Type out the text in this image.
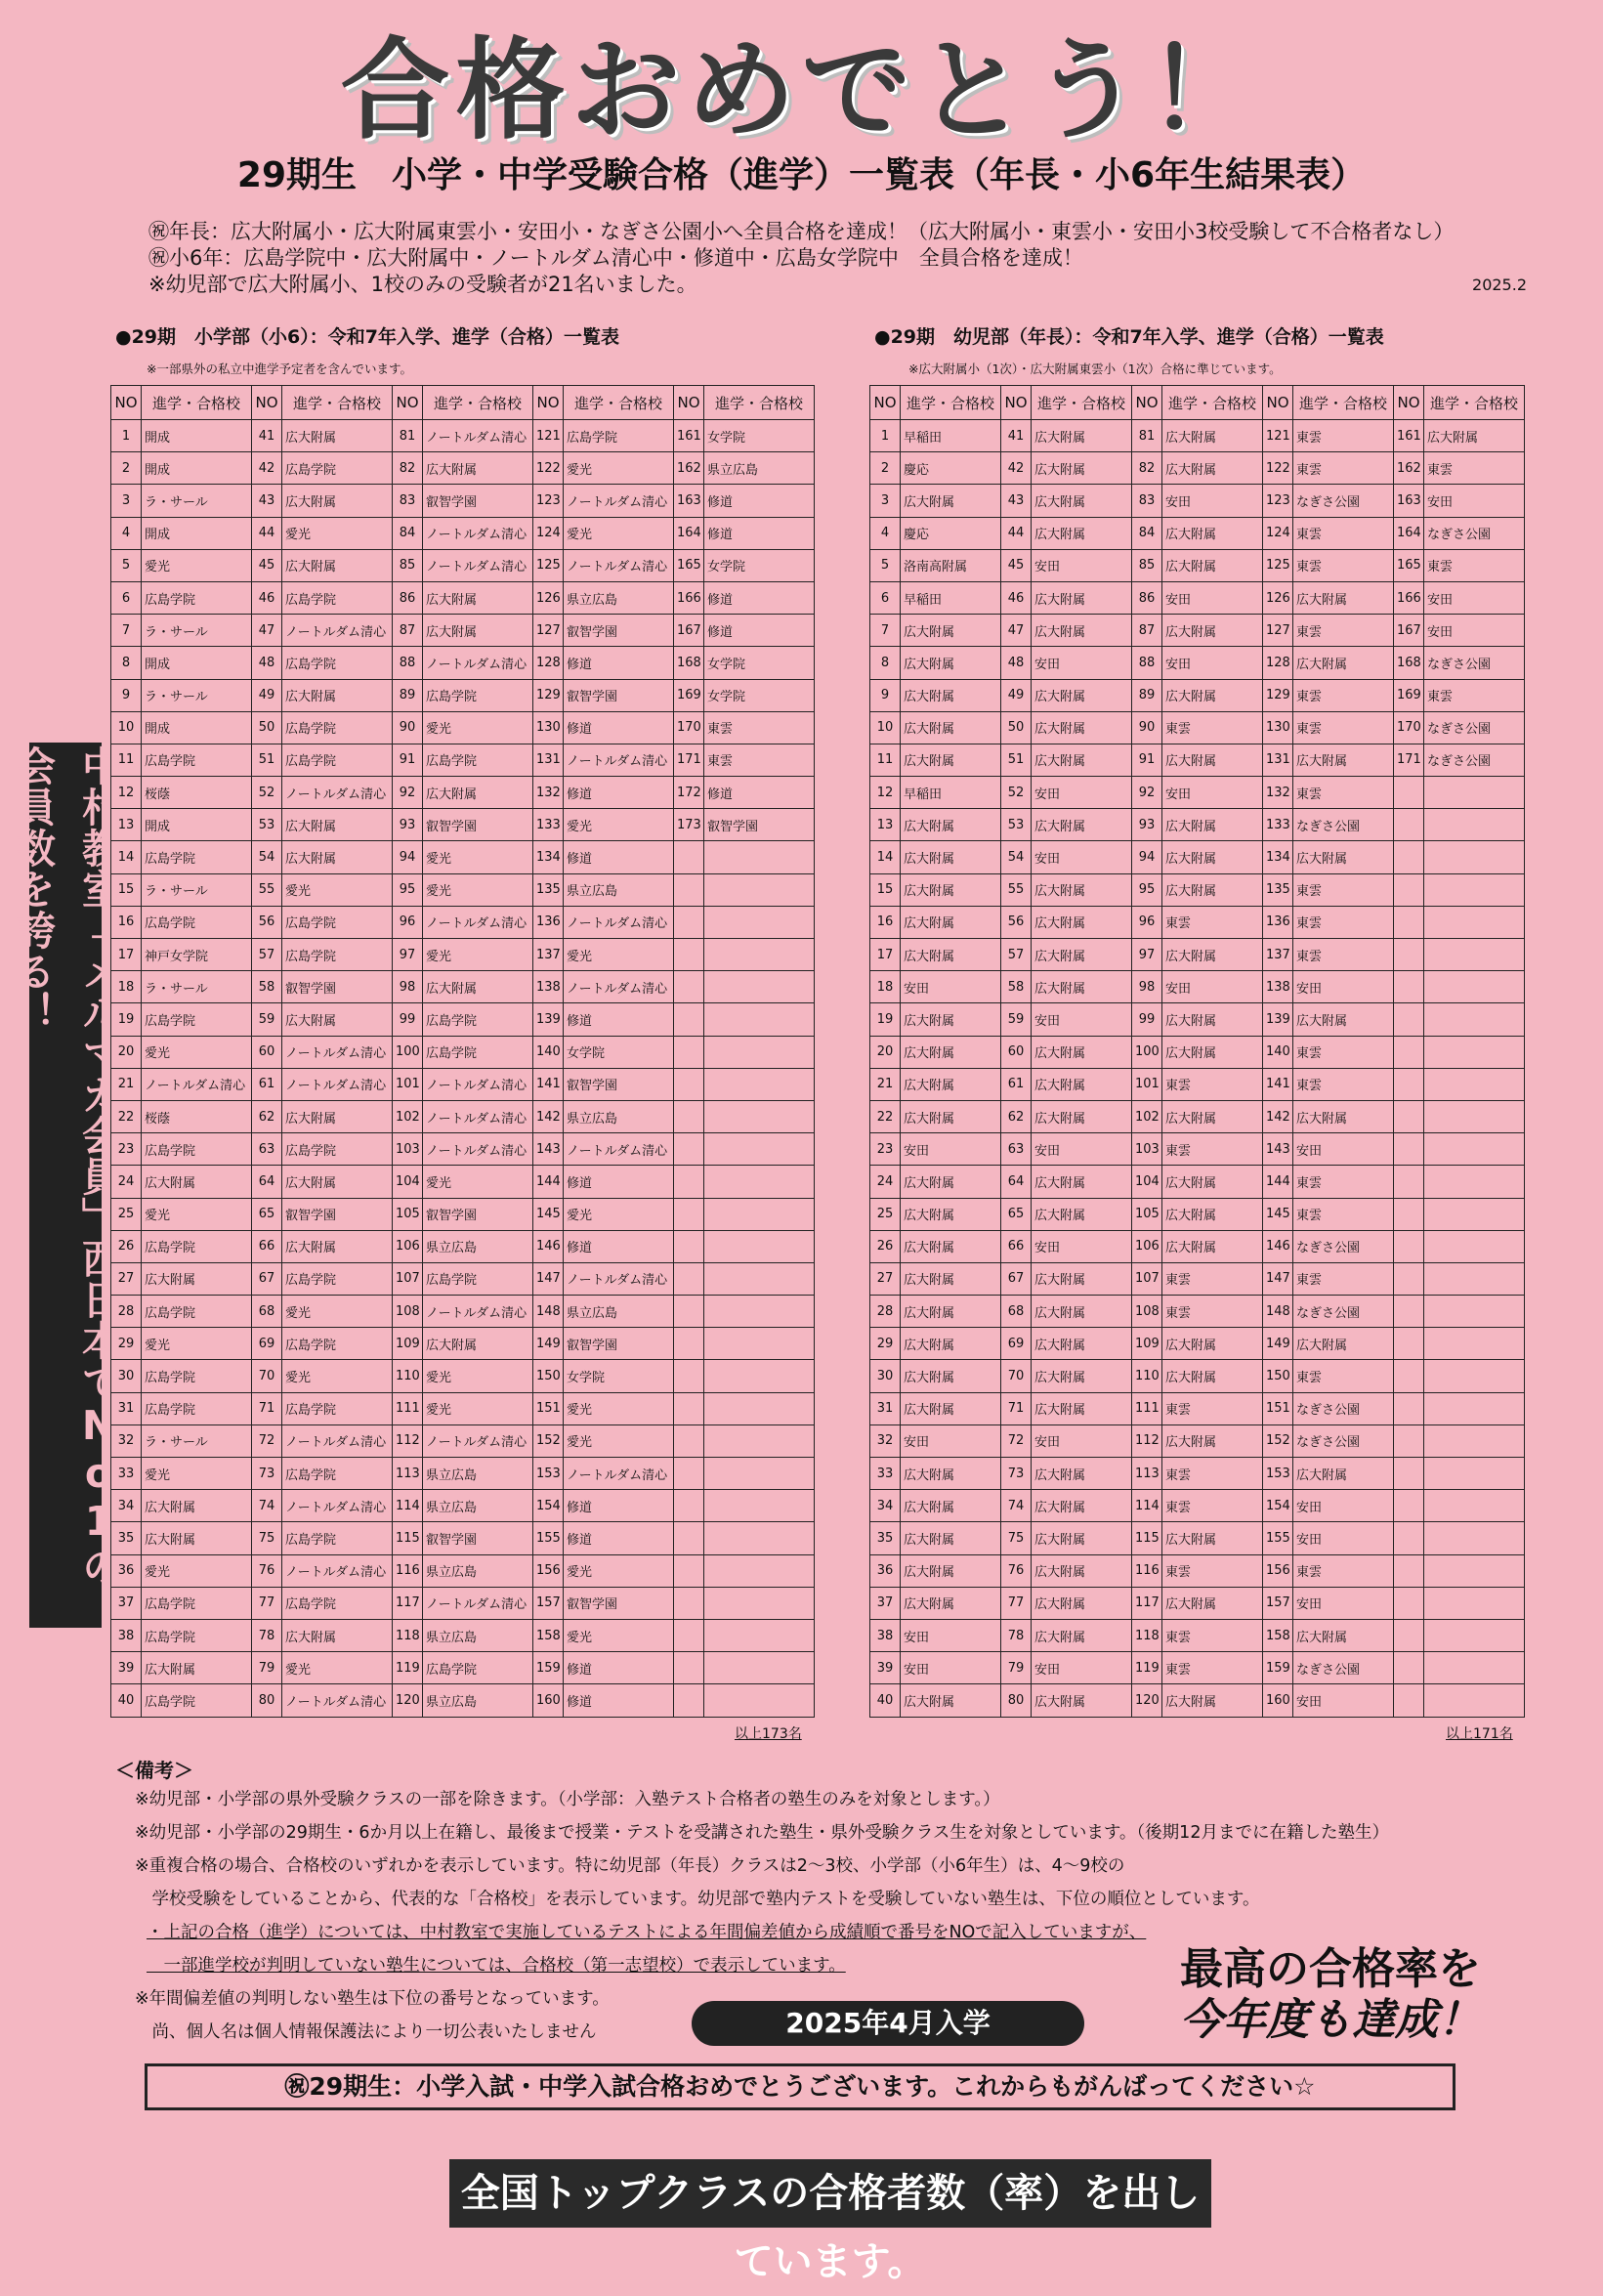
合格おめでとう！
29期生　小学・中学受験合格（進学）一覧表（年長・小6年生結果表）
㊗年長：広大附属小・広大附属東雲小・安田小・なぎさ公園小へ全員合格を達成！（広大附属小・東雲小・安田小3校受験して不合格者なし）
㊗小6年：広島学院中・広大附属中・ノートルダム清心中・修道中・広島女学院中　全員合格を達成！
※幼児部で広大附属小、1校のみの受験者が21名いました。	2025.2
中村教室「メルマガ会員」西日本でNo1の会員数を誇る！
●29期　小学部（小6）：令和7年入学、進学（合格）一覧表
※一部県外の私立中進学予定者を含んでいます。
NO	進学・合格校	NO	進学・合格校	NO	進学・合格校	NO	進学・合格校	NO	進学・合格校
1	開成	41	広大附属	81	ノートルダム清心	121	広島学院	161	女学院
2	開成	42	広島学院	82	広大附属	122	愛光	162	県立広島
3	ラ・サール	43	広大附属	83	叡智学園	123	ノートルダム清心	163	修道
4	開成	44	愛光	84	ノートルダム清心	124	愛光	164	修道
5	愛光	45	広大附属	85	ノートルダム清心	125	ノートルダム清心	165	女学院
6	広島学院	46	広島学院	86	広大附属	126	県立広島	166	修道
7	ラ・サール	47	ノートルダム清心	87	広大附属	127	叡智学園	167	修道
8	開成	48	広島学院	88	ノートルダム清心	128	修道	168	女学院
9	ラ・サール	49	広大附属	89	広島学院	129	叡智学園	169	女学院
10	開成	50	広島学院	90	愛光	130	修道	170	東雲
11	広島学院	51	広島学院	91	広島学院	131	ノートルダム清心	171	東雲
12	桜蔭	52	ノートルダム清心	92	広大附属	132	修道	172	修道
13	開成	53	広大附属	93	叡智学園	133	愛光	173	叡智学園
14	広島学院	54	広大附属	94	愛光	134	修道		
15	ラ・サール	55	愛光	95	愛光	135	県立広島		
16	広島学院	56	広島学院	96	ノートルダム清心	136	ノートルダム清心		
17	神戸女学院	57	広島学院	97	愛光	137	愛光		
18	ラ・サール	58	叡智学園	98	広大附属	138	ノートルダム清心		
19	広島学院	59	広大附属	99	広島学院	139	修道		
20	愛光	60	ノートルダム清心	100	広島学院	140	女学院		
21	ノートルダム清心	61	ノートルダム清心	101	ノートルダム清心	141	叡智学園		
22	桜蔭	62	広大附属	102	ノートルダム清心	142	県立広島		
23	広島学院	63	広島学院	103	ノートルダム清心	143	ノートルダム清心		
24	広大附属	64	広大附属	104	愛光	144	修道		
25	愛光	65	叡智学園	105	叡智学園	145	愛光		
26	広島学院	66	広大附属	106	県立広島	146	修道		
27	広大附属	67	広島学院	107	広島学院	147	ノートルダム清心		
28	広島学院	68	愛光	108	ノートルダム清心	148	県立広島		
29	愛光	69	広島学院	109	広大附属	149	叡智学園		
30	広島学院	70	愛光	110	愛光	150	女学院		
31	広島学院	71	広島学院	111	愛光	151	愛光		
32	ラ・サール	72	ノートルダム清心	112	ノートルダム清心	152	愛光		
33	愛光	73	広島学院	113	県立広島	153	ノートルダム清心		
34	広大附属	74	ノートルダム清心	114	県立広島	154	修道		
35	広大附属	75	広島学院	115	叡智学園	155	修道		
36	愛光	76	ノートルダム清心	116	県立広島	156	愛光		
37	広島学院	77	広島学院	117	ノートルダム清心	157	叡智学園		
38	広島学院	78	広大附属	118	県立広島	158	愛光		
39	広大附属	79	愛光	119	広島学院	159	修道		
40	広島学院	80	ノートルダム清心	120	県立広島	160	修道		
以上173名
●29期　幼児部（年長）：令和7年入学、進学（合格）一覧表
※広大附属小（1次）・広大附属東雲小（1次）合格に準じています。
NO	進学・合格校	NO	進学・合格校	NO	進学・合格校	NO	進学・合格校	NO	進学・合格校
1	早稲田	41	広大附属	81	広大附属	121	東雲	161	広大附属
2	慶応	42	広大附属	82	広大附属	122	東雲	162	東雲
3	広大附属	43	広大附属	83	安田	123	なぎさ公園	163	安田
4	慶応	44	広大附属	84	広大附属	124	東雲	164	なぎさ公園
5	洛南高附属	45	安田	85	広大附属	125	東雲	165	東雲
6	早稲田	46	広大附属	86	安田	126	広大附属	166	安田
7	広大附属	47	広大附属	87	広大附属	127	東雲	167	安田
8	広大附属	48	安田	88	安田	128	広大附属	168	なぎさ公園
9	広大附属	49	広大附属	89	広大附属	129	東雲	169	東雲
10	広大附属	50	広大附属	90	東雲	130	東雲	170	なぎさ公園
11	広大附属	51	広大附属	91	広大附属	131	広大附属	171	なぎさ公園
12	早稲田	52	安田	92	安田	132	東雲		
13	広大附属	53	広大附属	93	広大附属	133	なぎさ公園		
14	広大附属	54	安田	94	広大附属	134	広大附属		
15	広大附属	55	広大附属	95	広大附属	135	東雲		
16	広大附属	56	広大附属	96	東雲	136	東雲		
17	広大附属	57	広大附属	97	広大附属	137	東雲		
18	安田	58	広大附属	98	安田	138	安田		
19	広大附属	59	安田	99	広大附属	139	広大附属		
20	広大附属	60	広大附属	100	広大附属	140	東雲		
21	広大附属	61	広大附属	101	東雲	141	東雲		
22	広大附属	62	広大附属	102	広大附属	142	広大附属		
23	安田	63	安田	103	東雲	143	安田		
24	広大附属	64	広大附属	104	広大附属	144	東雲		
25	広大附属	65	広大附属	105	広大附属	145	東雲		
26	広大附属	66	安田	106	広大附属	146	なぎさ公園		
27	広大附属	67	広大附属	107	東雲	147	東雲		
28	広大附属	68	広大附属	108	東雲	148	なぎさ公園		
29	広大附属	69	広大附属	109	広大附属	149	広大附属		
30	広大附属	70	広大附属	110	広大附属	150	東雲		
31	広大附属	71	広大附属	111	東雲	151	なぎさ公園		
32	安田	72	安田	112	広大附属	152	なぎさ公園		
33	広大附属	73	広大附属	113	東雲	153	広大附属		
34	広大附属	74	広大附属	114	東雲	154	安田		
35	広大附属	75	広大附属	115	広大附属	155	安田		
36	広大附属	76	広大附属	116	東雲	156	東雲		
37	広大附属	77	広大附属	117	広大附属	157	安田		
38	安田	78	広大附属	118	東雲	158	広大附属		
39	安田	79	安田	119	東雲	159	なぎさ公園		
40	広大附属	80	広大附属	120	広大附属	160	安田		
以上171名
＜備考＞
※幼児部・小学部の県外受験クラスの一部を除きます。（小学部：入塾テスト合格者の塾生のみを対象とします。）
※幼児部・小学部の29期生・6か月以上在籍し、最後まで授業・テストを受講された塾生・県外受験クラス生を対象としています。（後期12月までに在籍した塾生）
※重複合格の場合、合格校のいずれかを表示しています。特に幼児部（年長）クラスは2～3校、小学部（小6年生）は、4～9校の
　学校受験をしていることから、代表的な「合格校」を表示しています。幼児部で塾内テストを受験していない塾生は、下位の順位としています。
・上記の合格（進学）については、中村教室で実施しているテストによる年間偏差値から成績順で番号をNOで記入していますが、
　一部進学校が判明していない塾生については、合格校（第一志望校）で表示しています。
※年間偏差値の判明しない塾生は下位の番号となっています。
　尚、個人名は個人情報保護法により一切公表いたしません	2025年4月入学
最高の合格率を
今年度も達成！
㊗29期生：小学入試・中学入試合格おめでとうございます。これからもがんばってください☆
全国トップクラスの合格者数（率）を出しています。
